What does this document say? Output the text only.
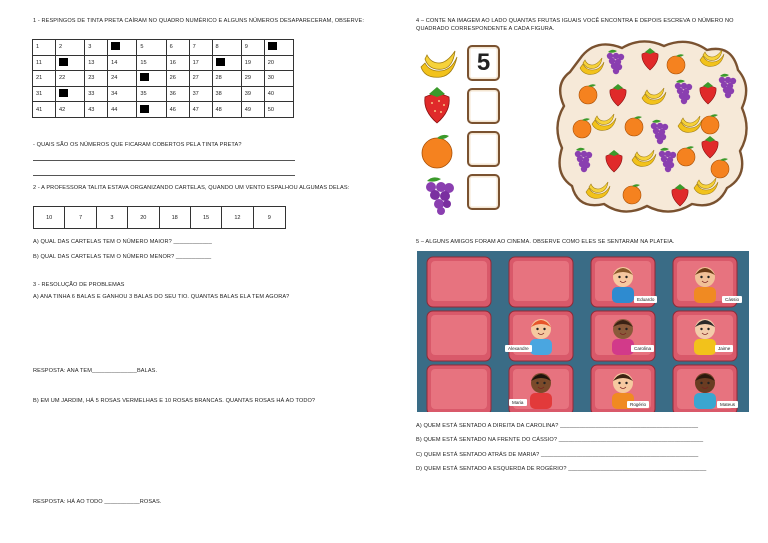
1 - RESPINGOS DE TINTA PRETA CAÍRAM NO QUADRO NUMÉRICO E ALGUNS NÚMEROS DESAPARECERAM, OBSERVE:
1	2	3		5	6	7	8	9	
11		13	14	15	16	17		19	20
21	22	23	24		26	27	28	29	30
31		33	34	35	36	37	38	39	40
41	42	43	44		46	47	48	49	50
- QUAIS SÃO OS NÚMEROS QUE FICARAM COBERTOS PELA TINTA PRETA?
2 - A PROFESSORA TALITA ESTAVA ORGANIZANDO CARTELAS, QUANDO UM VENTO ESPALHOU ALGUMAS DELAS:
10	7	3	20	18	15	12	9
A) QUAL DAS CARTELAS TEM O NÚMERO MAIOR? ____________
B) QUAL DAS CARTELAS TEM O NÚMERO MENOR? ___________
3 - RESOLUÇÃO DE PROBLEMAS
A) ANA TINHA 6 BALAS E GANHOU 3 BALAS DO SEU TIO. QUANTAS BALAS ELA TEM AGORA?
RESPOSTA: ANA TEM______________BALAS.
B) EM UM JARDIM, HÁ 5 ROSAS VERMELHAS E 10 ROSAS BRANCAS. QUANTAS ROSAS HÁ AO TODO?
RESPOSTA: HÁ AO TODO ___________ROSAS.
4 – CONTE NA IMAGEM AO LADO QUANTAS FRUTAS IGUAIS VOCÊ ENCONTRA E DEPOIS ESCREVA O NÚMERO NO QUADRADO CORRESPONDENTE A CADA FIGURA.
5
5 – ALGUNS AMIGOS FORAM AO CINEMA. OBSERVE COMO ELES SE SENTARAM NA PLATEIA.
Eduardo	Cássio
Alexandre	Carolina	Jaime
Maria	Rogério	Mateus
A) QUEM ESTÁ SENTADO A DIREITA DA CAROLINA? ___________________________________________
B) QUEM ESTÁ SENTADO NA FRENTE DO CÁSSIO? _____________________________________________
C) QUEM ESTÁ SENTADO ATRÁS DE MARIA? _________________________________________________
D) QUEM ESTÁ SENTADO A ESQUERDA DE ROGÉRIO? ___________________________________________
